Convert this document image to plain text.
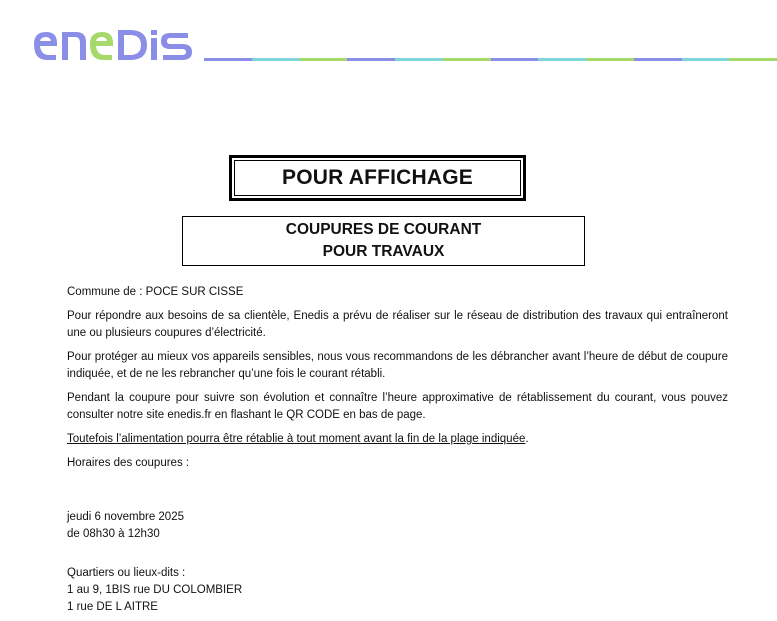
POUR AFFICHAGE
COUPURES DE COURANT
POUR TRAVAUX

Commune de : POCE SUR CISSE

Pour répondre aux besoins de sa clientèle, Enedis a prévu de réaliser sur le réseau de distribution des travaux qui entraîneront une ou plusieurs coupures d’électricité.

Pour protéger au mieux vos appareils sensibles, nous vous recommandons de les débrancher avant l’heure de début de coupure indiquée, et de ne les rebrancher qu’une fois le courant rétabli.

Pendant la coupure pour suivre son évolution et connaître l’heure approximative de rétablissement du courant, vous pouvez consulter notre site enedis.fr en flashant le QR CODE en bas de page.

Toutefois l’alimentation pourra être rétablie à tout moment avant la fin de la plage indiquée.

Horaires des coupures :

jeudi 6 novembre 2025
de 08h30 à 12h30
Quartiers ou lieux-dits :
1 au 9, 1BIS rue DU COLOMBIER
1 rue DE L AITRE
